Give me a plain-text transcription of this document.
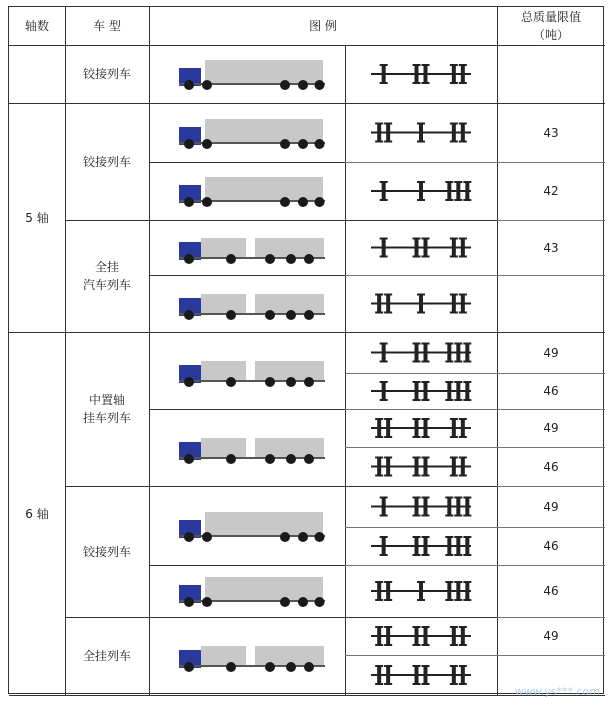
轴数	车 型	图 例
总质量限值
（吨）
铰接列车
43
42
铰接列车
43
全挂
汽车列车
5 轴
49
46
49
46
中置轴
挂车列车
49
46
46
铰接列车
49
全挂列车
6 轴
www.ys***.com
